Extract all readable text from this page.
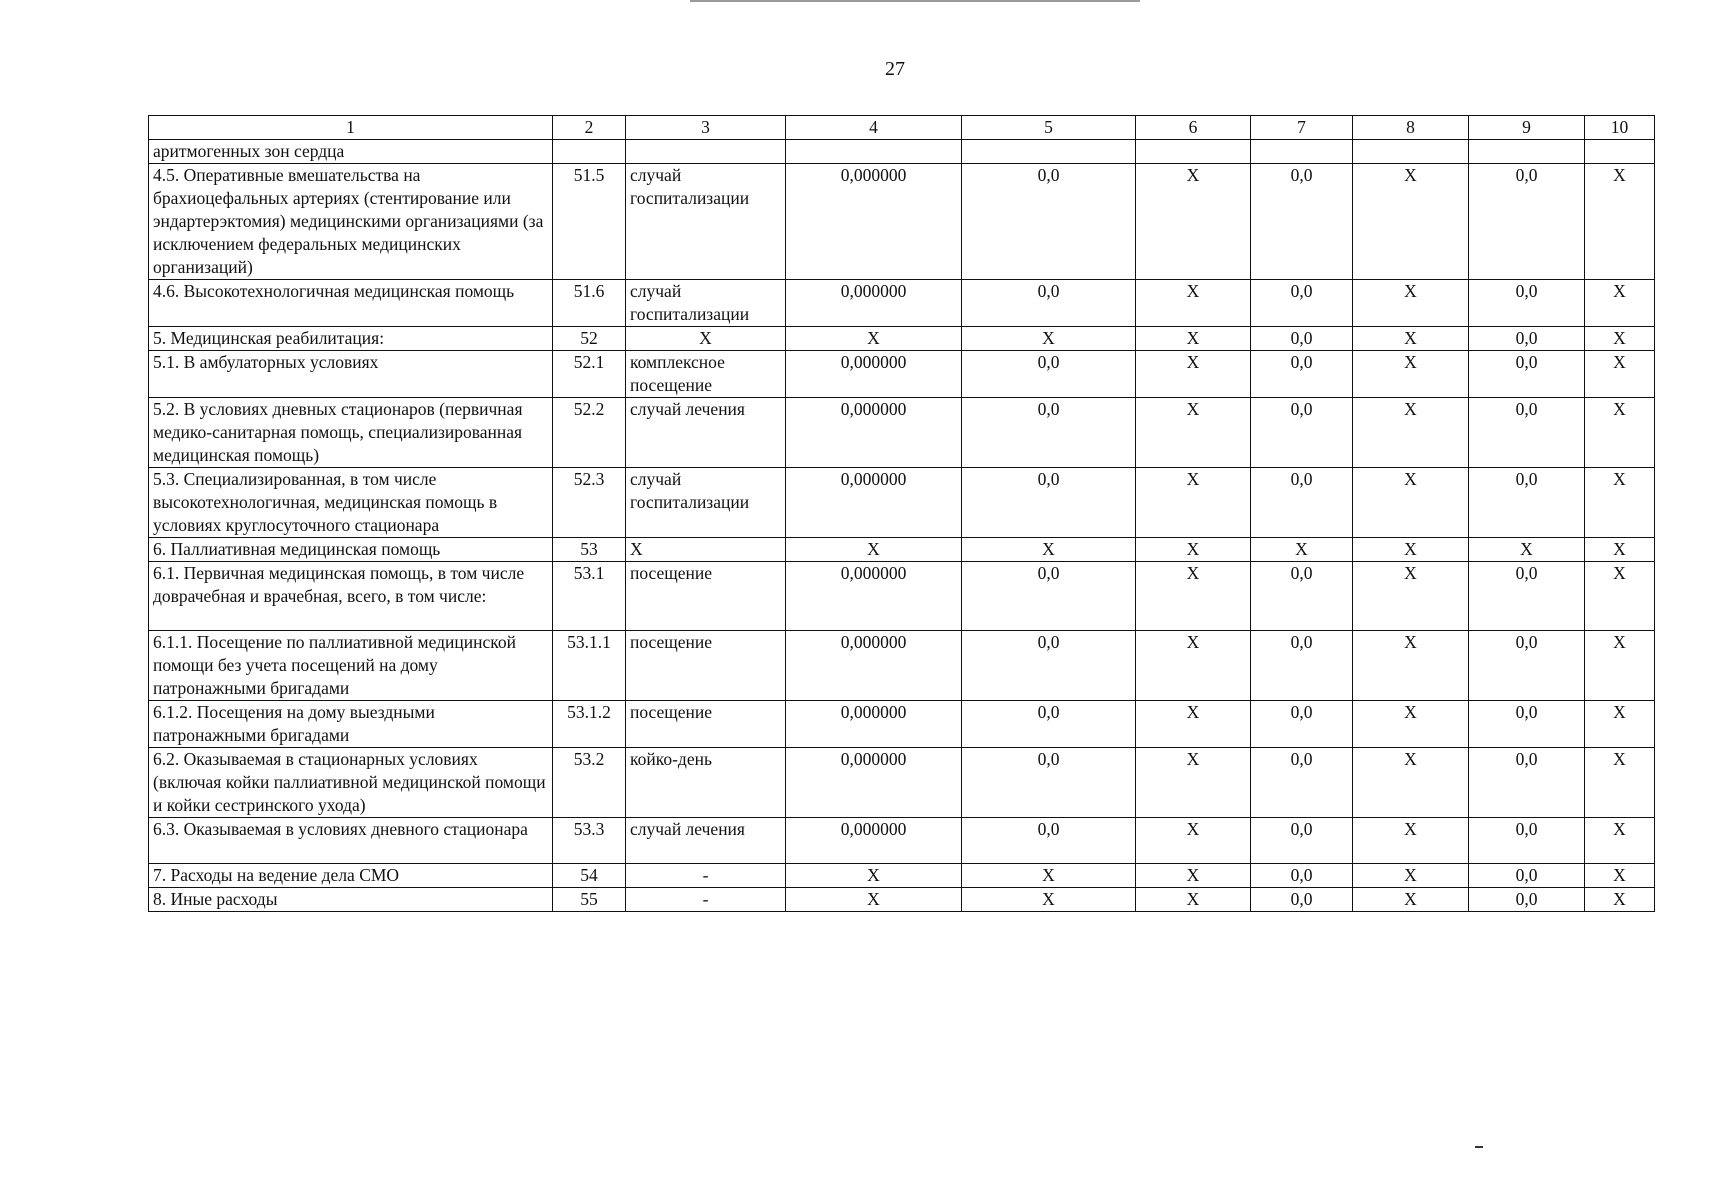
27
1	2	3	4	5	6	7	8	9	10
аритмогенных зон сердца									
4.5. Оперативные вмешательства на брахиоцефальных артериях (стентирование или эндартерэктомия) медицинскими организациями (за исключением федеральных медицинских организаций)	51.5	случай госпитализации	0,000000	0,0	Х	0,0	Х	0,0	Х
4.6. Высокотехнологичная медицинская помощь	51.6	случай госпитализации	0,000000	0,0	Х	0,0	Х	0,0	Х
5. Медицинская реабилитация:	52	Х	Х	Х	Х	0,0	Х	0,0	Х
5.1. В амбулаторных условиях	52.1	комплексное посещение	0,000000	0,0	Х	0,0	Х	0,0	Х
5.2. В условиях дневных стационаров (первичная медико-санитарная помощь, специализированная медицинская помощь)	52.2	случай лечения	0,000000	0,0	Х	0,0	Х	0,0	Х
5.3. Специализированная, в том числе высокотехнологичная, медицинская помощь в условиях круглосуточного стационара	52.3	случай госпитализации	0,000000	0,0	Х	0,0	Х	0,0	Х
6. Паллиативная медицинская помощь	53	Х	Х	Х	Х	Х	Х	Х	Х
6.1. Первичная медицинская помощь, в том числе доврачебная и врачебная, всего, в том числе:	53.1	посещение	0,000000	0,0	Х	0,0	Х	0,0	Х
6.1.1. Посещение по паллиативной медицинской помощи без учета посещений на дому патронажными бригадами	53.1.1	посещение	0,000000	0,0	Х	0,0	Х	0,0	Х
6.1.2. Посещения на дому выездными патронажными бригадами	53.1.2	посещение	0,000000	0,0	Х	0,0	Х	0,0	Х
6.2. Оказываемая в стационарных условиях (включая койки паллиативной медицинской помощи и койки сестринского ухода)	53.2	койко-день	0,000000	0,0	Х	0,0	Х	0,0	Х
6.3. Оказываемая в условиях дневного стационара	53.3	случай лечения	0,000000	0,0	Х	0,0	Х	0,0	Х
7. Расходы на ведение дела СМО	54	-	Х	Х	Х	0,0	Х	0,0	Х
8. Иные расходы	55	-	Х	Х	Х	0,0	Х	0,0	Х
